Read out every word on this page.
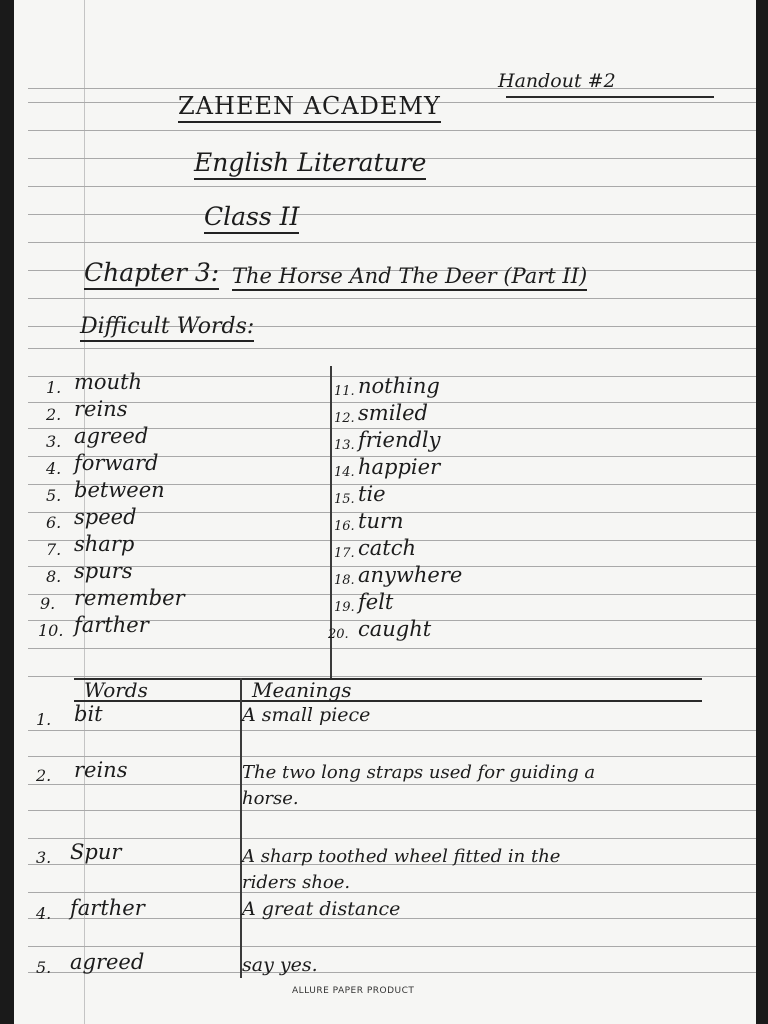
Handout #2
ZAHEEN ACADEMY
English Literature
Class II
Chapter 3: The Horse And The Deer (Part II)
Difficult Words:
1. mouth
2. reins
3. agreed
4. forward
5. between
6. speed
7. sharp
8. spurs
9. remember
10. farther
11. nothing
12. smiled
13. friendly
14. happier
15. tie
16. turn
17. catch
18. anywhere
19. felt
20. caught
Words	Meanings
1. bit	A small piece
2. reins	The two long straps used for guiding a
horse.
3. Spur	A sharp toothed wheel fitted in the
riders shoe.
4. farther	A great distance
5. agreed	say yes.
ALLURE PAPER PRODUCT
